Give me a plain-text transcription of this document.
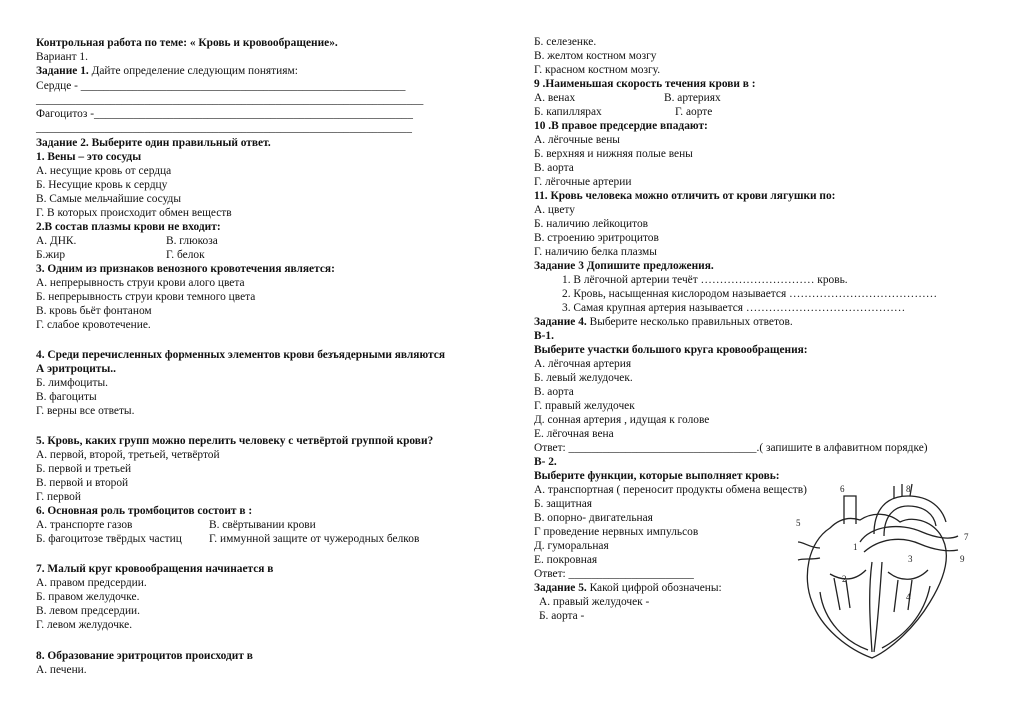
Контрольная работа по теме: « Кровь и кровообращение».
Вариант 1.
Задание 1. Дайте определение следующим понятиям:
Сердце - _________________________________________________________
____________________________________________________________________
Фагоцитоз -________________________________________________________
__________________________________________________________________
Задание 2. Выберите один правильный ответ.
1. Вены – это сосуды
А. несущие кровь от сердца
Б. Несущие кровь к сердцу
В. Самые мельчайшие сосуды
Г. В которых происходит обмен веществ
2.В состав плазмы крови не входит:
А. ДНК.	В. глюкоза
Б.жир	Г. белок
3. Одним из признаков венозного кровотечения является:
А. непрерывность струи крови алого цвета
Б. непрерывность струи крови темного цвета
В. кровь бьёт фонтаном
Г. слабое кровотечение.
4. Среди перечисленных форменных элементов крови безъядерными являются
А эритроциты..
Б. лимфоциты.
В. фагоциты
Г. верны все ответы.
5. Кровь, каких групп можно перелить человеку с четвёртой группой крови?
А. первой, второй, третьей, четвёртой
Б. первой и третьей
В. первой и второй
Г. первой
6. Основная роль тромбоцитов состоит в :
А. транспорте газов	В. свёртывании крови
Б. фагоцитозе твёрдых частиц Г. иммунной защите от чужеродных белков
7. Малый круг кровообращения начинается в
А. правом предсердии.
Б. правом желудочке.
В. левом предсердии.
Г. левом желудочке.
8. Образование эритроцитов происходит в
А. печени.
Б. селезенке.
В. желтом костном мозгу
Г. красном костном мозгу.
9 .Наименьшая скорость течения крови в :
А. венах	В. артериях
Б. капиллярах	Г. аорте
10 .В правое предсердие впадают:
А. лёгочные вены
Б. верхняя и нижняя полые вены
В. аорта
Г. лёгочные артерии
11. Кровь человека можно отличить от крови лягушки по:
А. цвету
Б. наличию лейкоцитов
В. строению эритроцитов
Г. наличию белка плазмы
Задание 3 Допишите предложения.
1. В лёгочной артерии течёт ………………………… кровь.
2. Кровь, насыщенная кислородом называется …………………………………
3. Самая крупная артерия называется ……………………………………
Задание 4. Выберите несколько правильных ответов.
В-1.
Выберите участки большого круга кровообращения:
А. лёгочная артерия
Б. левый желудочек.
В. аорта
Г. правый желудочек
Д. сонная артерия , идущая к голове
Е. лёгочная вена
Ответ: _________________________________.( запишите в алфавитном порядке)
В- 2.
Выберите функции, которые выполняет кровь:
А. транспортная ( переносит продукты обмена веществ)
Б. защитная
В. опорно- двигательная
Г проведение нервных импульсов
Д. гуморальная
Е. покровная
Ответ: ______________________
Задание 5. Какой цифрой обозначены:
А. правый желудочек -
Б. аорта -
1
2
3
4
5
6
7
8
9
